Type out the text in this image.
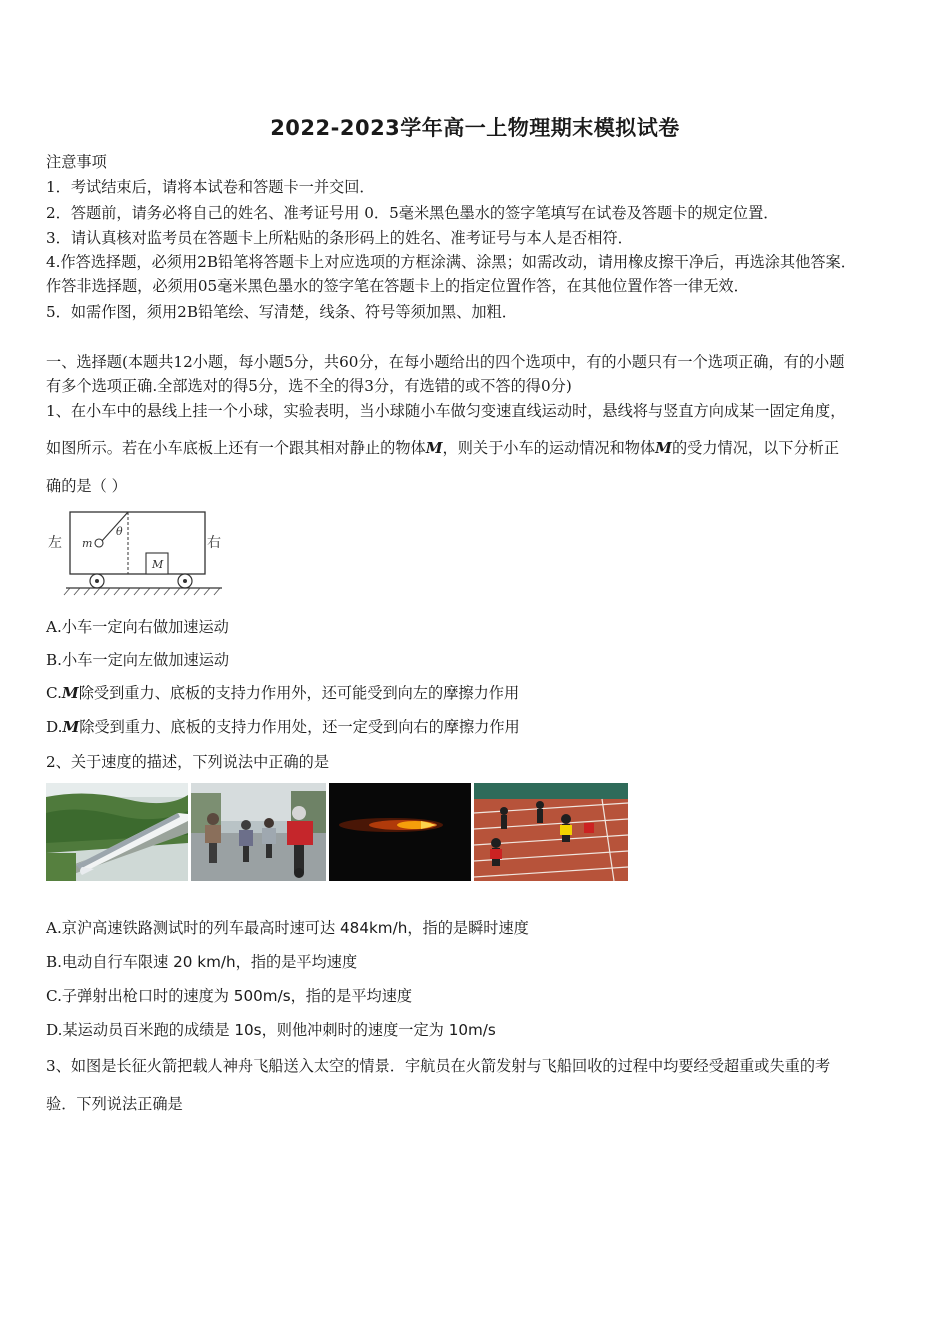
2022-2023学年高一上物理期末模拟试卷
注意事项
1．考试结束后，请将本试卷和答题卡一并交回．
2．答题前，请务必将自己的姓名、准考证号用 0．5毫米黑色墨水的签字笔填写在试卷及答题卡的规定位置．
3．请认真核对监考员在答题卡上所粘贴的条形码上的姓名、准考证号与本人是否相符．
4.作答选择题，必须用2B铅笔将答题卡上对应选项的方框涂满、涂黑；如需改动，请用橡皮擦干净后，再选涂其他答案．
作答非选择题，必须用05毫米黑色墨水的签字笔在答题卡上的指定位置作答，在其他位置作答一律无效．
5．如需作图，须用2B铅笔绘、写清楚，线条、符号等须加黑、加粗．
一、选择题(本题共12小题，每小题5分，共60分，在每小题给出的四个选项中，有的小题只有一个选项正确，有的小题
有多个选项正确.全部选对的得5分，选不全的得3分，有选错的或不答的得0分)
1、在小车中的悬线上挂一个小球，实验表明，当小球随小车做匀变速直线运动时，悬线将与竖直方向成某一固定角度，
如图所示。若在小车底板上还有一个跟其相对静止的物体M，则关于小车的运动情况和物体M的受力情况，以下分析正
确的是（ ）
左	右
m
θ
M
A.小车一定向右做加速运动
B.小车一定向左做加速运动
C.M除受到重力、底板的支持力作用外，还可能受到向左的摩擦力作用
D.M除受到重力、底板的支持力作用处，还一定受到向右的摩擦力作用
2、关于速度的描述，下列说法中正确的是
A.京沪高速铁路测试时的列车最高时速可达 484km/h，指的是瞬时速度
B.电动自行车限速 20 km/h，指的是平均速度
C.子弹射出枪口时的速度为 500m/s，指的是平均速度
D.某运动员百米跑的成绩是 10s，则他冲刺时的速度一定为 10m/s
3、如图是长征火箭把载人神舟飞船送入太空的情景．宇航员在火箭发射与飞船回收的过程中均要经受超重或失重的考
验．下列说法正确是
